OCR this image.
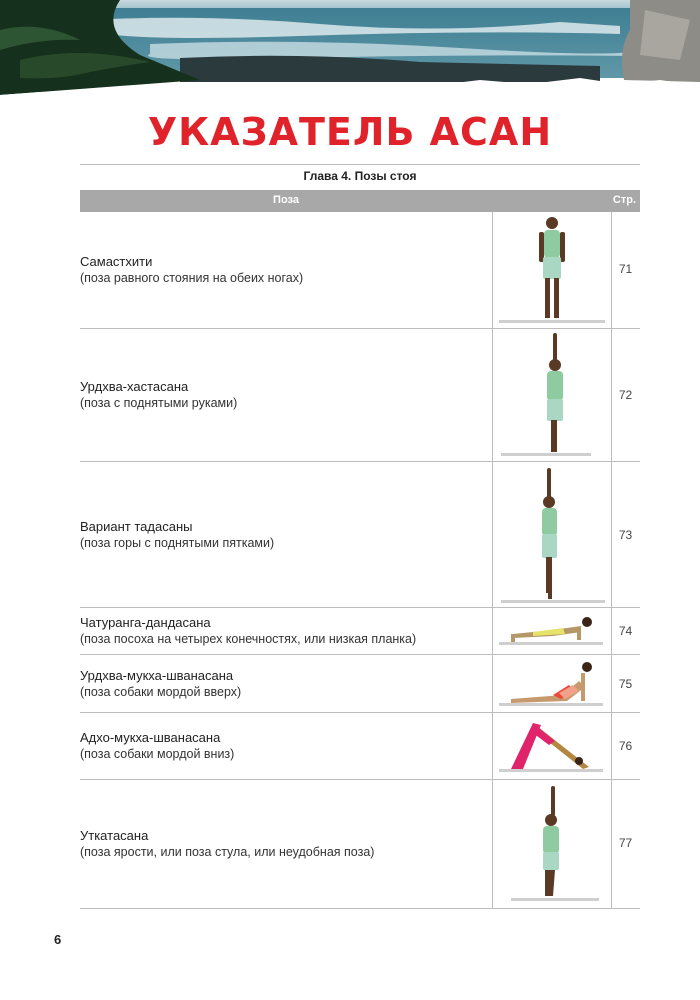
УКАЗАТЕЛЬ АСАН
Глава 4. Позы стоя
Поза	Стр.
Самастхити
(поза равного стояния на обеих ногах)
71
Урдхва-хастасана
(поза с поднятыми руками)
72
Вариант тадасаны
(поза горы с поднятыми пятками)
73
Чатуранга-дандасана
(поза посоха на четырех конечностях, или низкая планка)
74
Урдхва-мукха-шванасана
(поза собаки мордой вверх)
75
Адхо-мукха-шванасана
(поза собаки мордой вниз)
76
Уткатасана
(поза ярости, или поза стула, или неудобная поза)
77
6
